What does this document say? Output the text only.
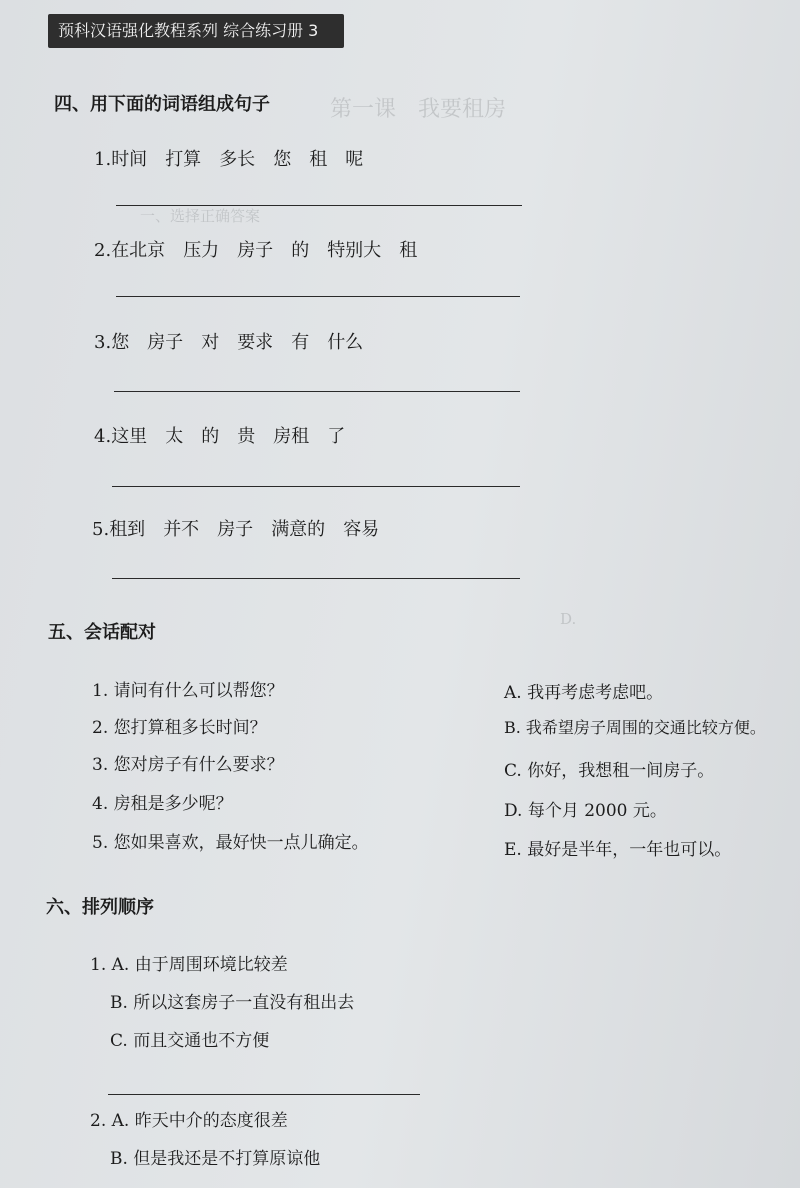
第一课　我要租房
一、选择正确答案
D.
预科汉语强化教程系列 综合练习册 3
四、用下面的词语组成句子
1.时间 打算 多长 您 租 呢
2.在北京 压力 房子 的 特别大 租
3.您 房子 对 要求 有 什么
4.这里 太 的 贵 房租 了
5.租到 并不 房子 满意的 容易
五、会话配对
1. 请问有什么可以帮您？
2. 您打算租多长时间？
3. 您对房子有什么要求？
4. 房租是多少呢？
5. 您如果喜欢，最好快一点儿确定。
A. 我再考虑考虑吧。
B. 我希望房子周围的交通比较方便。
C. 你好，我想租一间房子。
D. 每个月 2000 元。
E. 最好是半年，一年也可以。
六、排列顺序
1. A. 由于周围环境比较差
B. 所以这套房子一直没有租出去
C. 而且交通也不方便
2. A. 昨天中介的态度很差
B. 但是我还是不打算原谅他
